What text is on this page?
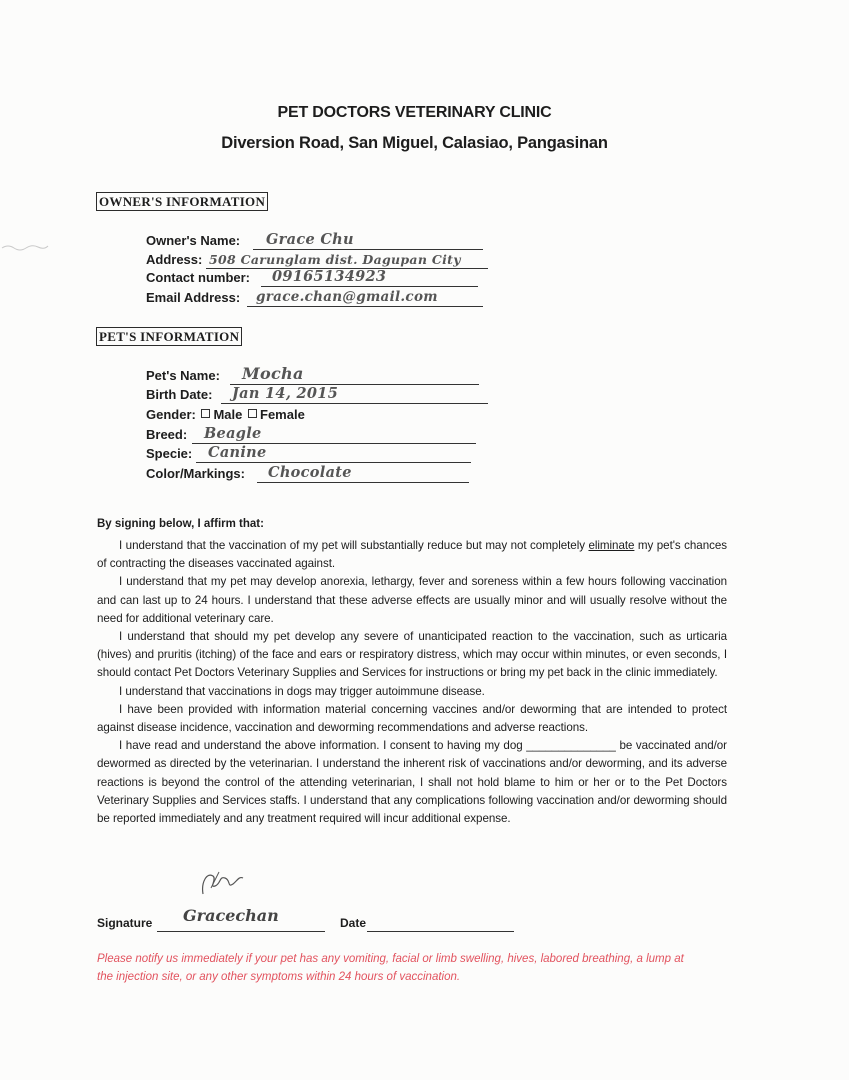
PET DOCTORS VETERINARY CLINIC
Diversion Road, San Miguel, Calasiao, Pangasinan
OWNER'S INFORMATION
Owner's Name: Grace Chu
Address: 508 Carunglam dist. Dagupan City
Contact number: 09165134923
Email Address: grace.chan@gmail.com
PET'S INFORMATION
Pet's Name: Mocha
Birth Date: Jan 14, 2015
Gender: Male Female
Breed: Beagle
Specie: Canine
Color/Markings: Chocolate
By signing below, I affirm that:

I understand that the vaccination of my pet will substantially reduce but may not completely eliminate my pet's chances of contracting the diseases vaccinated against.

I understand that my pet may develop anorexia, lethargy, fever and soreness within a few hours following vaccination and can last up to 24 hours. I understand that these adverse effects are usually minor and will usually resolve without the need for additional veterinary care.

I understand that should my pet develop any severe of unanticipated reaction to the vaccination, such as urticaria (hives) and pruritis (itching) of the face and ears or respiratory distress, which may occur within minutes, or even seconds, I should contact Pet Doctors Veterinary Supplies and Services for instructions or bring my pet back in the clinic immediately.

I understand that vaccinations in dogs may trigger autoimmune disease.

I have been provided with information material concerning vaccines and/or deworming that are intended to protect against disease incidence, vaccination and deworming recommendations and adverse reactions.

I have read and understand the above information. I consent to having my dog ______________ be vaccinated and/or dewormed as directed by the veterinarian. I understand the inherent risk of vaccinations and/or deworming, and its adverse reactions is beyond the control of the attending veterinarian, I shall not hold blame to him or her or to the Pet Doctors Veterinary Supplies and Services staffs. I understand that any complications following vaccination and/or deworming should be reported immediately and any treatment required will incur additional expense.

Signature Gracechan	Date
Please notify us immediately if your pet has any vomiting, facial or limb swelling, hives, labored breathing, a lump at the injection site, or any other symptoms within 24 hours of vaccination.
